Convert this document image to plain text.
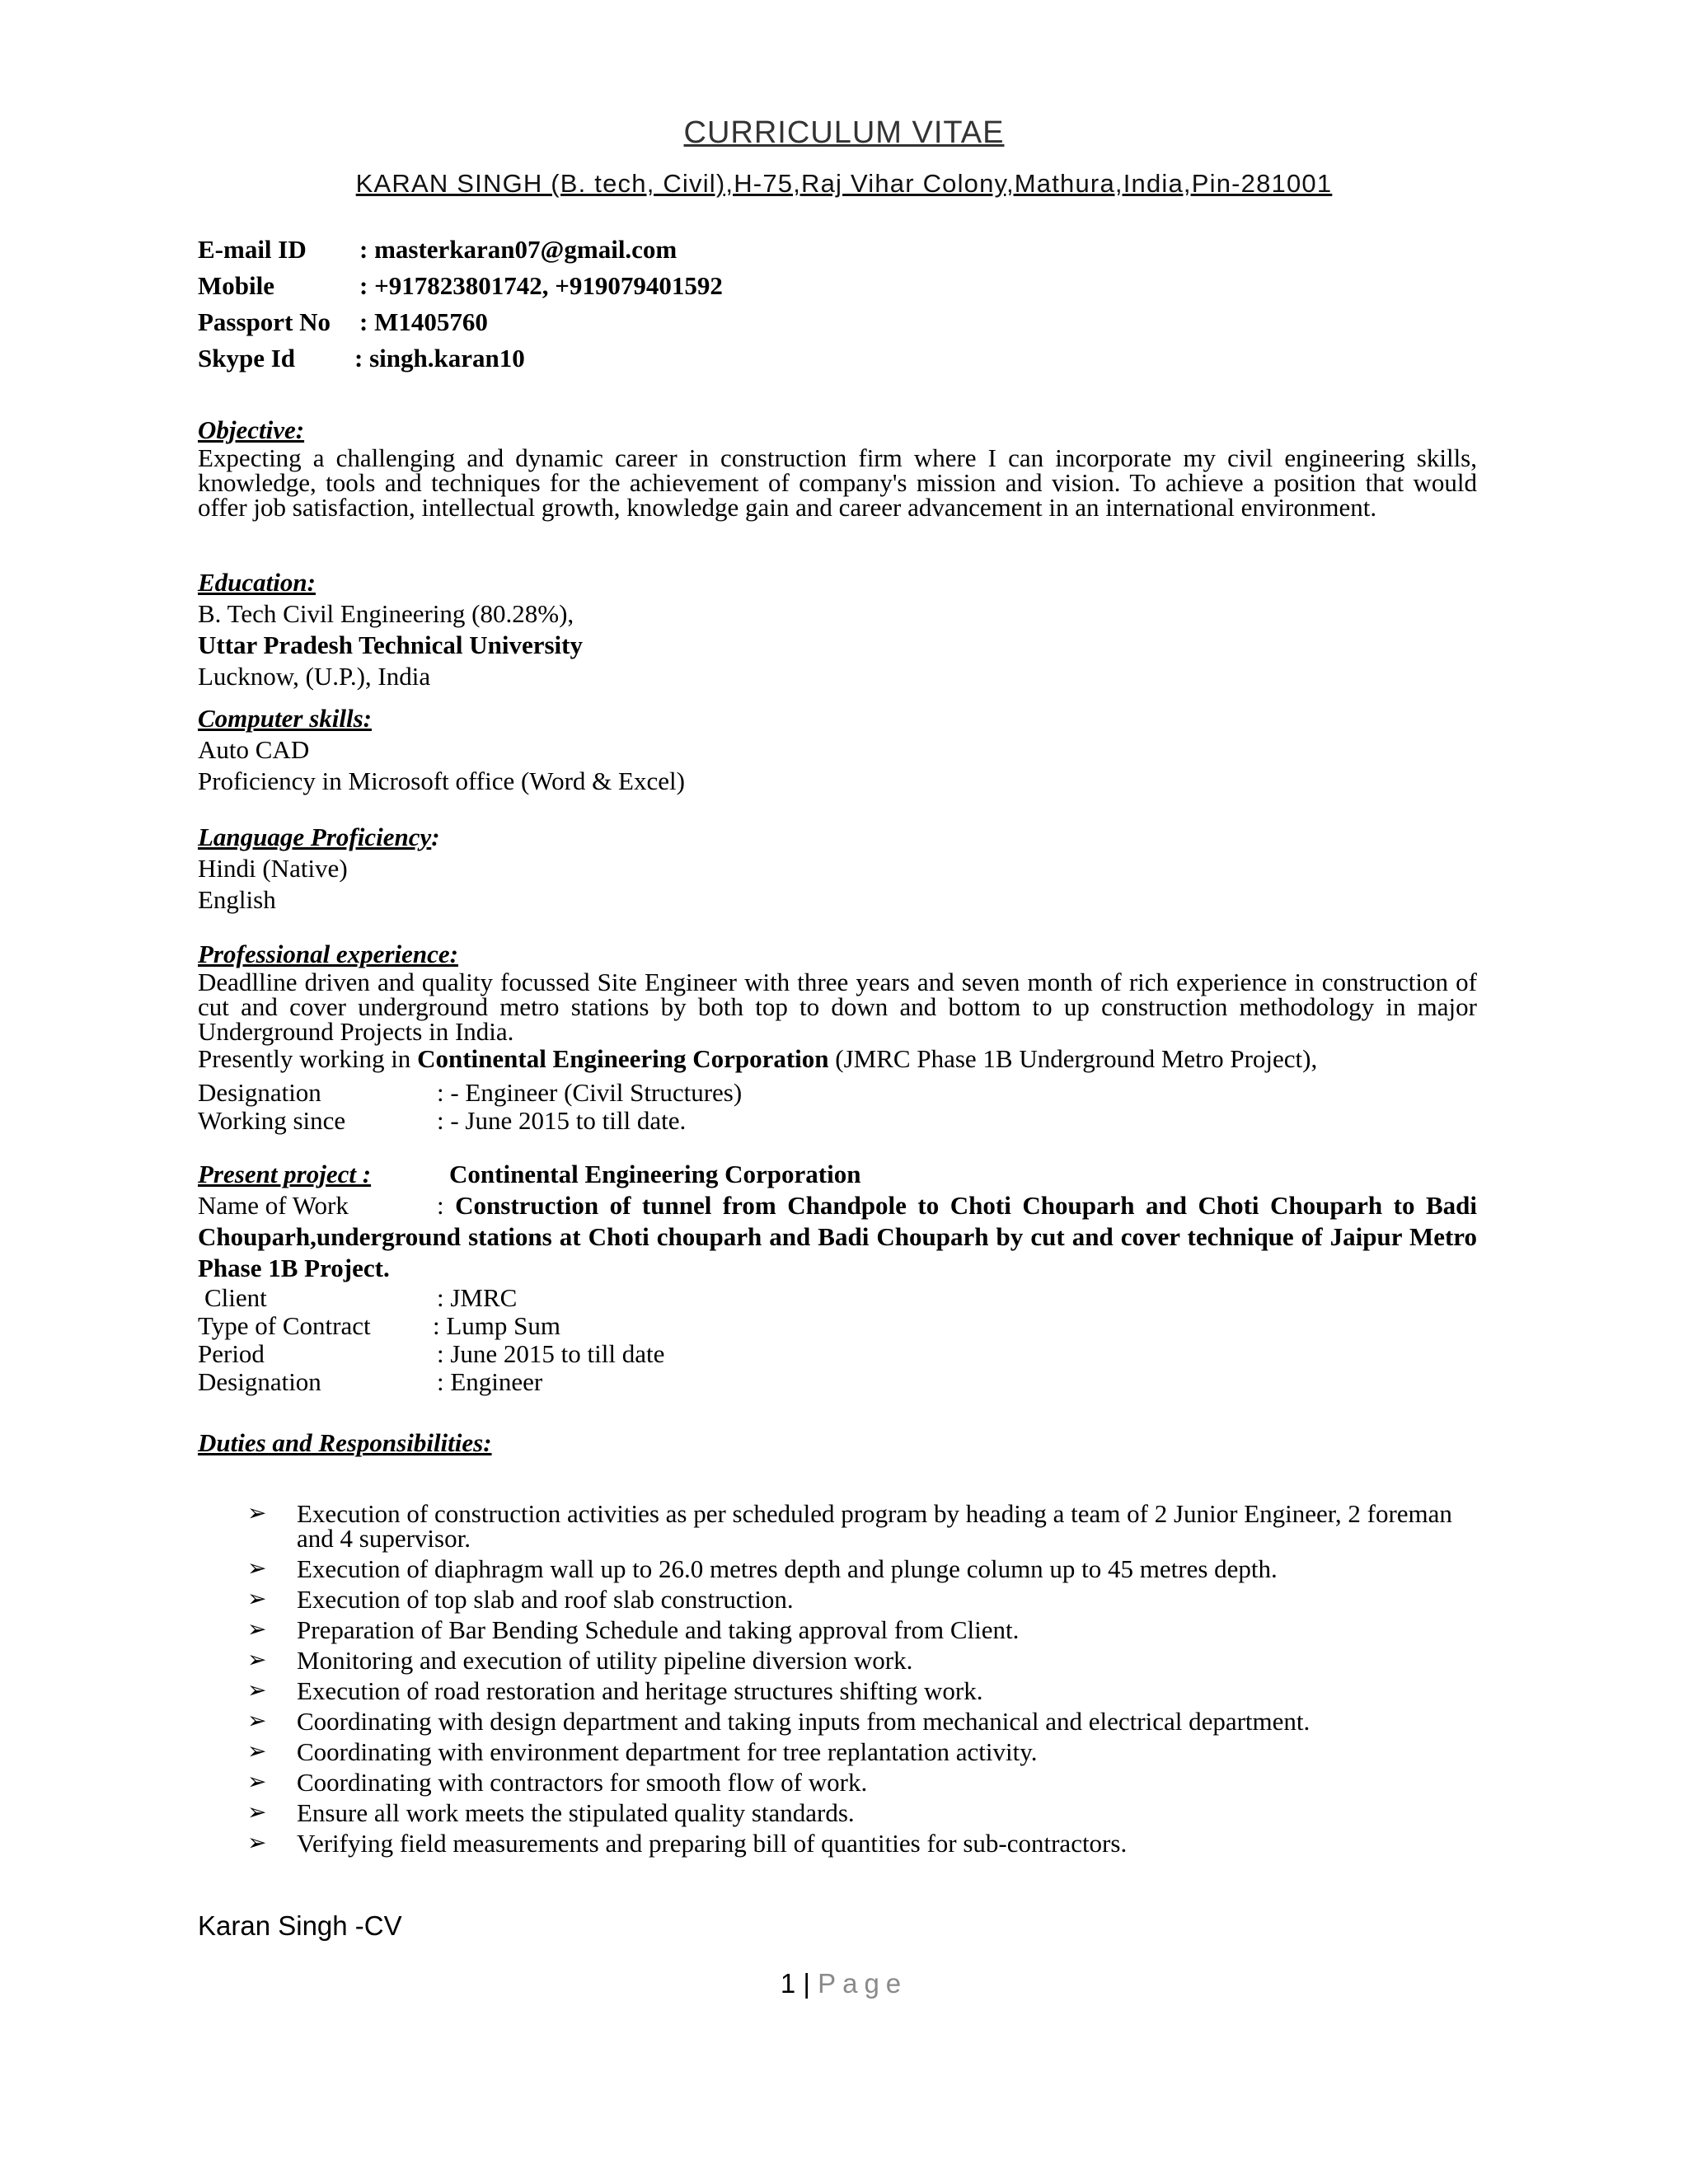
CURRICULUM VITAE
KARAN SINGH (B. tech, Civil),H-75,Raj Vihar Colony,Mathura,India,Pin-281001
E-mail ID	: masterkaran07@gmail.com
Mobile	: +917823801742, +919079401592
Passport No	: M1405760
Skype Id	: singh.karan10
Objective:
Expecting a challenging and dynamic career in construction firm where I can incorporate my civil engineering skills, knowledge, tools and techniques for the achievement of company's mission and vision. To achieve a position that would offer job satisfaction, intellectual growth, knowledge gain and career advancement in an international environment.
Education:
B. Tech Civil Engineering (80.28%),
Uttar Pradesh Technical University
Lucknow, (U.P.), India
Computer skills:
Auto CAD
Proficiency in Microsoft office (Word & Excel)
Language Proficiency:
Hindi (Native)
English
Professional experience:
Deadlline driven and quality focussed Site Engineer with three years and seven month of rich experience in construction of cut and cover underground metro stations by both top to down and bottom to up construction methodology in major Underground Projects in India.
Presently working in Continental Engineering Corporation (JMRC Phase 1B Underground Metro Project),
Designation	: - Engineer (Civil Structures)
Working since	: - June 2015 to till date.
Present project :	Continental Engineering Corporation
Name of Work	: Construction of tunnel from Chandpole to Choti Chouparh and Choti Chouparh to Badi Chouparh,underground stations at Choti chouparh and Badi Chouparh by cut and cover technique of Jaipur Metro Phase 1B Project.
Client	: JMRC
Type of Contract	: Lump Sum
Period	: June 2015 to till date
Designation	: Engineer
Duties and Responsibilities:
➢	Execution of construction activities as per scheduled program by heading a team of 2 Junior Engineer, 2 foreman and 4 supervisor.
➢	Execution of diaphragm wall up to 26.0 metres depth and plunge column up to 45 metres depth.
➢	Execution of top slab and roof slab construction.
➢	Preparation of Bar Bending Schedule and taking approval from Client.
➢	Monitoring and execution of utility pipeline diversion work.
➢	Execution of road restoration and heritage structures shifting work.
➢	Coordinating with design department and taking inputs from mechanical and electrical department.
➢	Coordinating with environment department for tree replantation activity.
➢	Coordinating with contractors for smooth flow of work.
➢	Ensure all work meets the stipulated quality standards.
➢	Verifying field measurements and preparing bill of quantities for sub-contractors.
Karan Singh -CV
1 | Page
